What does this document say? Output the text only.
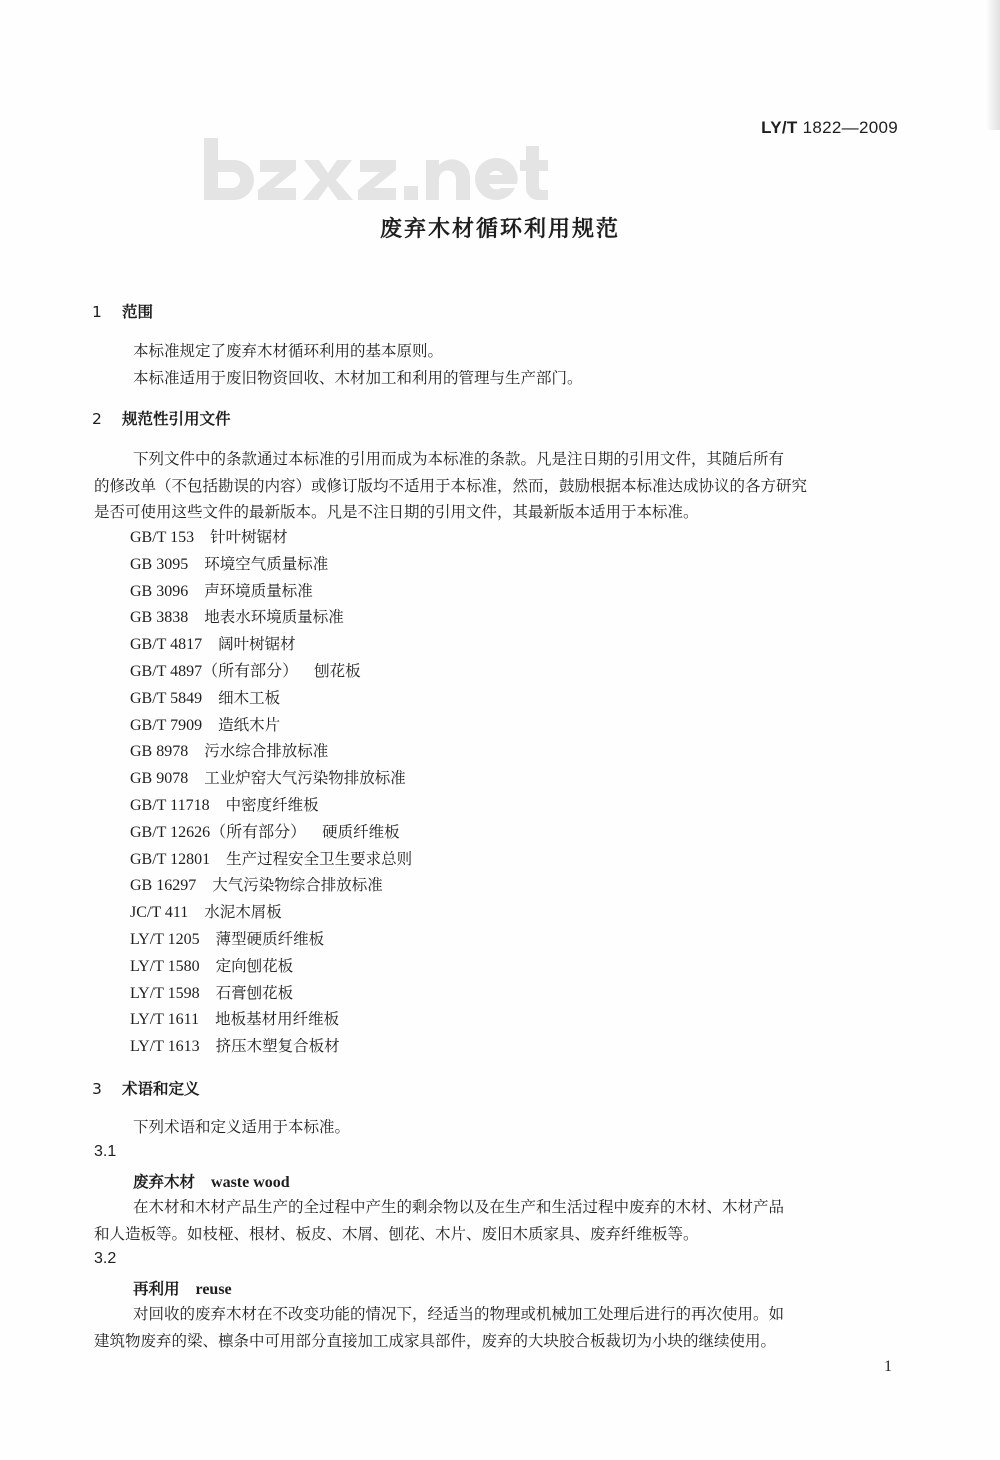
LY/T 1822—2009
废弃木材循环利用规范
1 范围
本标准规定了废弃木材循环利用的基本原则。
本标准适用于废旧物资回收、木材加工和利用的管理与生产部门。
2 规范性引用文件
下列文件中的条款通过本标准的引用而成为本标准的条款。凡是注日期的引用文件，其随后所有
的修改单（不包括勘误的内容）或修订版均不适用于本标准，然而，鼓励根据本标准达成协议的各方研究
是否可使用这些文件的最新版本。凡是不注日期的引用文件，其最新版本适用于本标准。
GB/T 153 针叶树锯材
GB 3095 环境空气质量标准
GB 3096 声环境质量标准
GB 3838 地表水环境质量标准
GB/T 4817 阔叶树锯材
GB/T 4897（所有部分） 刨花板
GB/T 5849 细木工板
GB/T 7909 造纸木片
GB 8978 污水综合排放标准
GB 9078 工业炉窑大气污染物排放标准
GB/T 11718 中密度纤维板
GB/T 12626（所有部分） 硬质纤维板
GB/T 12801 生产过程安全卫生要求总则
GB 16297 大气污染物综合排放标准
JC/T 411 水泥木屑板
LY/T 1205 薄型硬质纤维板
LY/T 1580 定向刨花板
LY/T 1598 石膏刨花板
LY/T 1611 地板基材用纤维板
LY/T 1613 挤压木塑复合板材
3 术语和定义
下列术语和定义适用于本标准。
3.1
废弃木材 waste wood
在木材和木材产品生产的全过程中产生的剩余物以及在生产和生活过程中废弃的木材、木材产品
和人造板等。如枝桠、根材、板皮、木屑、刨花、木片、废旧木质家具、废弃纤维板等。
3.2
再利用 reuse
对回收的废弃木材在不改变功能的情况下，经适当的物理或机械加工处理后进行的再次使用。如
建筑物废弃的梁、檩条中可用部分直接加工成家具部件，废弃的大块胶合板裁切为小块的继续使用。
1
